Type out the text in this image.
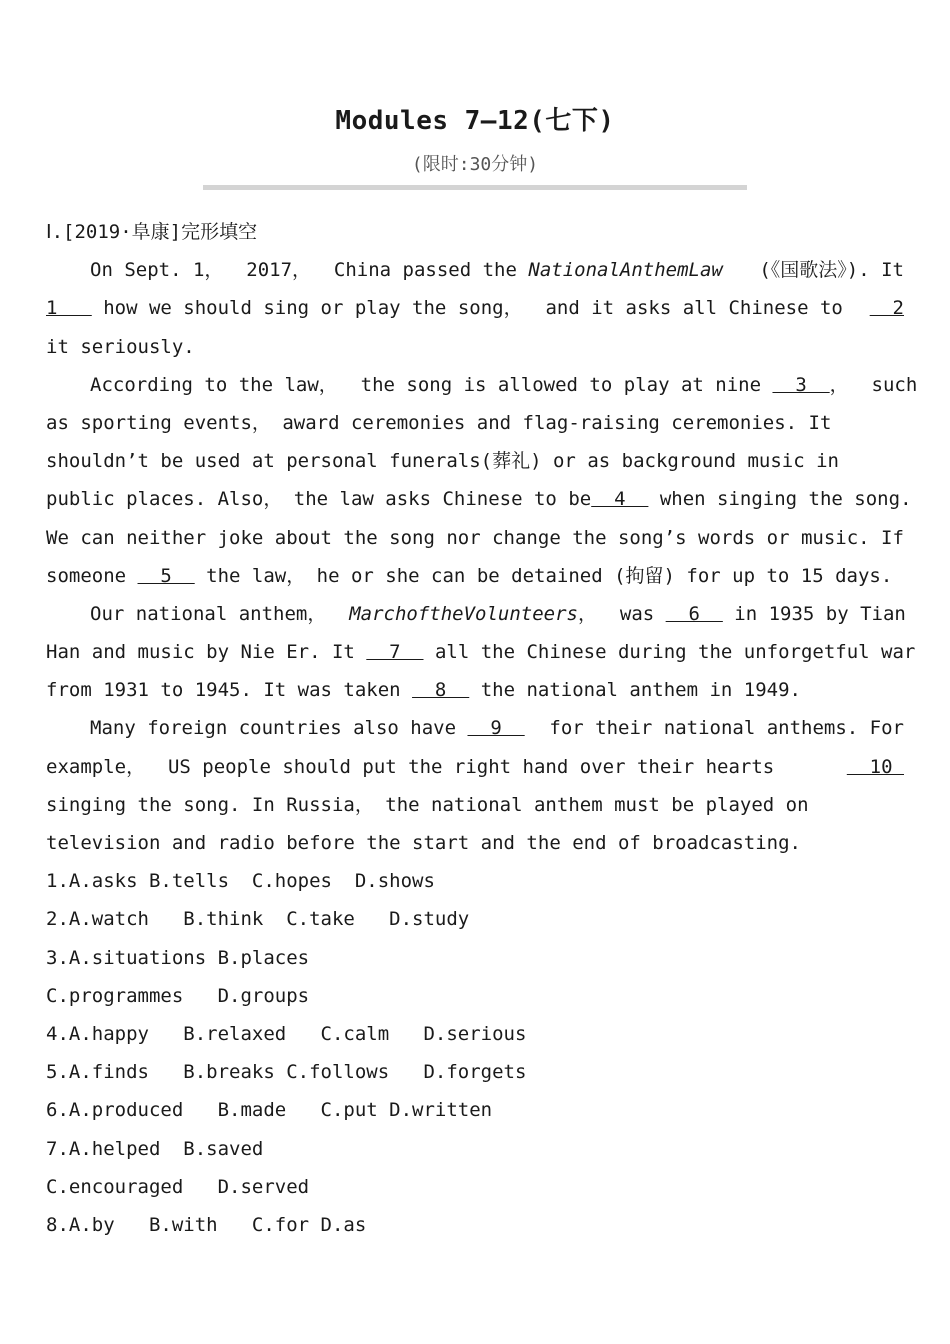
Modules 7—12(七下)
(限时:30分钟)
Ⅰ.[2019·阜康]完形填空
On Sept. 1，  2017，  China passed the NationalAnthemLaw (《国歌法》). It
1    how we should sing or play the song，  and it asks all Chinese to 2
it seriously.
According to the law，  the song is allowed to play at nine   3 ，  such
as sporting events， award ceremonies and flag-raising ceremonies. It
shouldn’t be used at personal funerals(葬礼) or as background music in
public places. Also， the law asks Chinese to be  4   when singing the song.
We can neither joke about the song nor change the song’s words or music. If
someone   5   the law， he or she can be detained (拘留) for up to 15 days.
Our national anthem，  MarchoftheVolunteers，  was   6 in 1935 by Tian
Han and music by Nie Er. It   7   all the Chinese during the unforgetful war
from 1931 to 1945. It was taken   8   the national anthem in 1949.
Many foreign countries also have   9 for their national anthems. For
example，  US people should put the right hand over their hearts	10
singing the song. In Russia， the national anthem must be played on
television and radio before the start and the end of broadcasting.
1.A.asks B.tells  C.hopes  D.shows
2.A.watch   B.think  C.take   D.study
3.A.situations B.places
C.programmes   D.groups
4.A.happy   B.relaxed   C.calm   D.serious
5.A.finds   B.breaks C.follows   D.forgets
6.A.produced   B.made   C.put D.written
7.A.helped  B.saved
C.encouraged   D.served
8.A.by   B.with   C.for D.as
